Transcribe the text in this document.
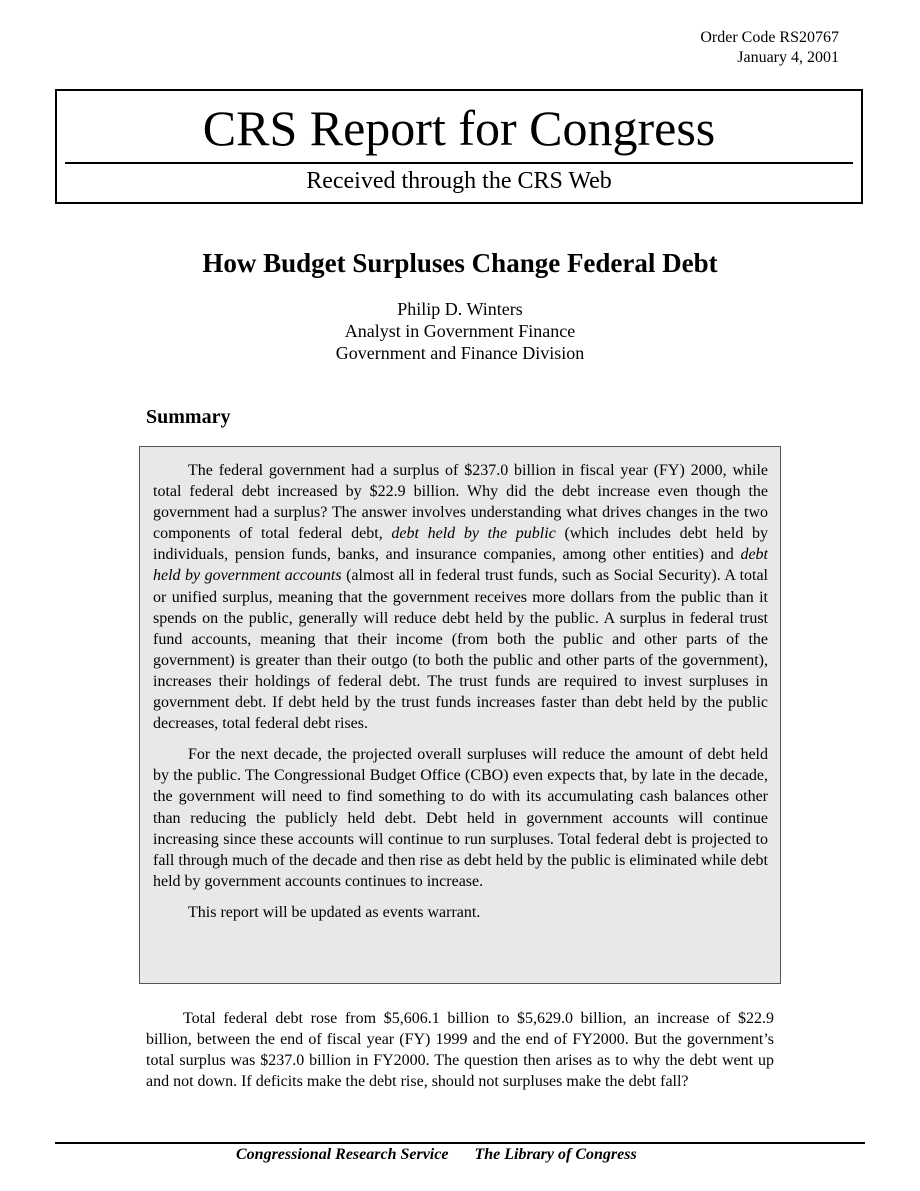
Order Code RS20767
January 4, 2001
CRS Report for Congress
Received through the CRS Web
How Budget Surpluses Change Federal Debt
Philip D. Winters
Analyst in Government Finance
Government and Finance Division
Summary

The federal government had a surplus of $237.0 billion in fiscal year (FY) 2000, while total federal debt increased by $22.9 billion. Why did the debt increase even though the government had a surplus? The answer involves understanding what drives changes in the two components of total federal debt, debt held by the public (which includes debt held by individuals, pension funds, banks, and insurance companies, among other entities) and debt held by government accounts (almost all in federal trust funds, such as Social Security). A total or unified surplus, meaning that the government receives more dollars from the public than it spends on the public, generally will reduce debt held by the public. A surplus in federal trust fund accounts, meaning that their income (from both the public and other parts of the government) is greater than their outgo (to both the public and other parts of the government), increases their holdings of federal debt. The trust funds are required to invest surpluses in government debt. If debt held by the trust funds increases faster than debt held by the public decreases, total federal debt rises.

For the next decade, the projected overall surpluses will reduce the amount of debt held by the public. The Congressional Budget Office (CBO) even expects that, by late in the decade, the government will need to find something to do with its accumulating cash balances other than reducing the publicly held debt. Debt held in government accounts will continue increasing since these accounts will continue to run surpluses. Total federal debt is projected to fall through much of the decade and then rise as debt held by the public is eliminated while debt held by government accounts continues to increase.

This report will be updated as events warrant.

Total federal debt rose from $5,606.1 billion to $5,629.0 billion, an increase of $22.9 billion, between the end of fiscal year (FY) 1999 and the end of FY2000. But the government’s total surplus was $237.0 billion in FY2000. The question then arises as to why the debt went up and not down. If deficits make the debt rise, should not surpluses make the debt fall?

Congressional Research Service The Library of Congress
